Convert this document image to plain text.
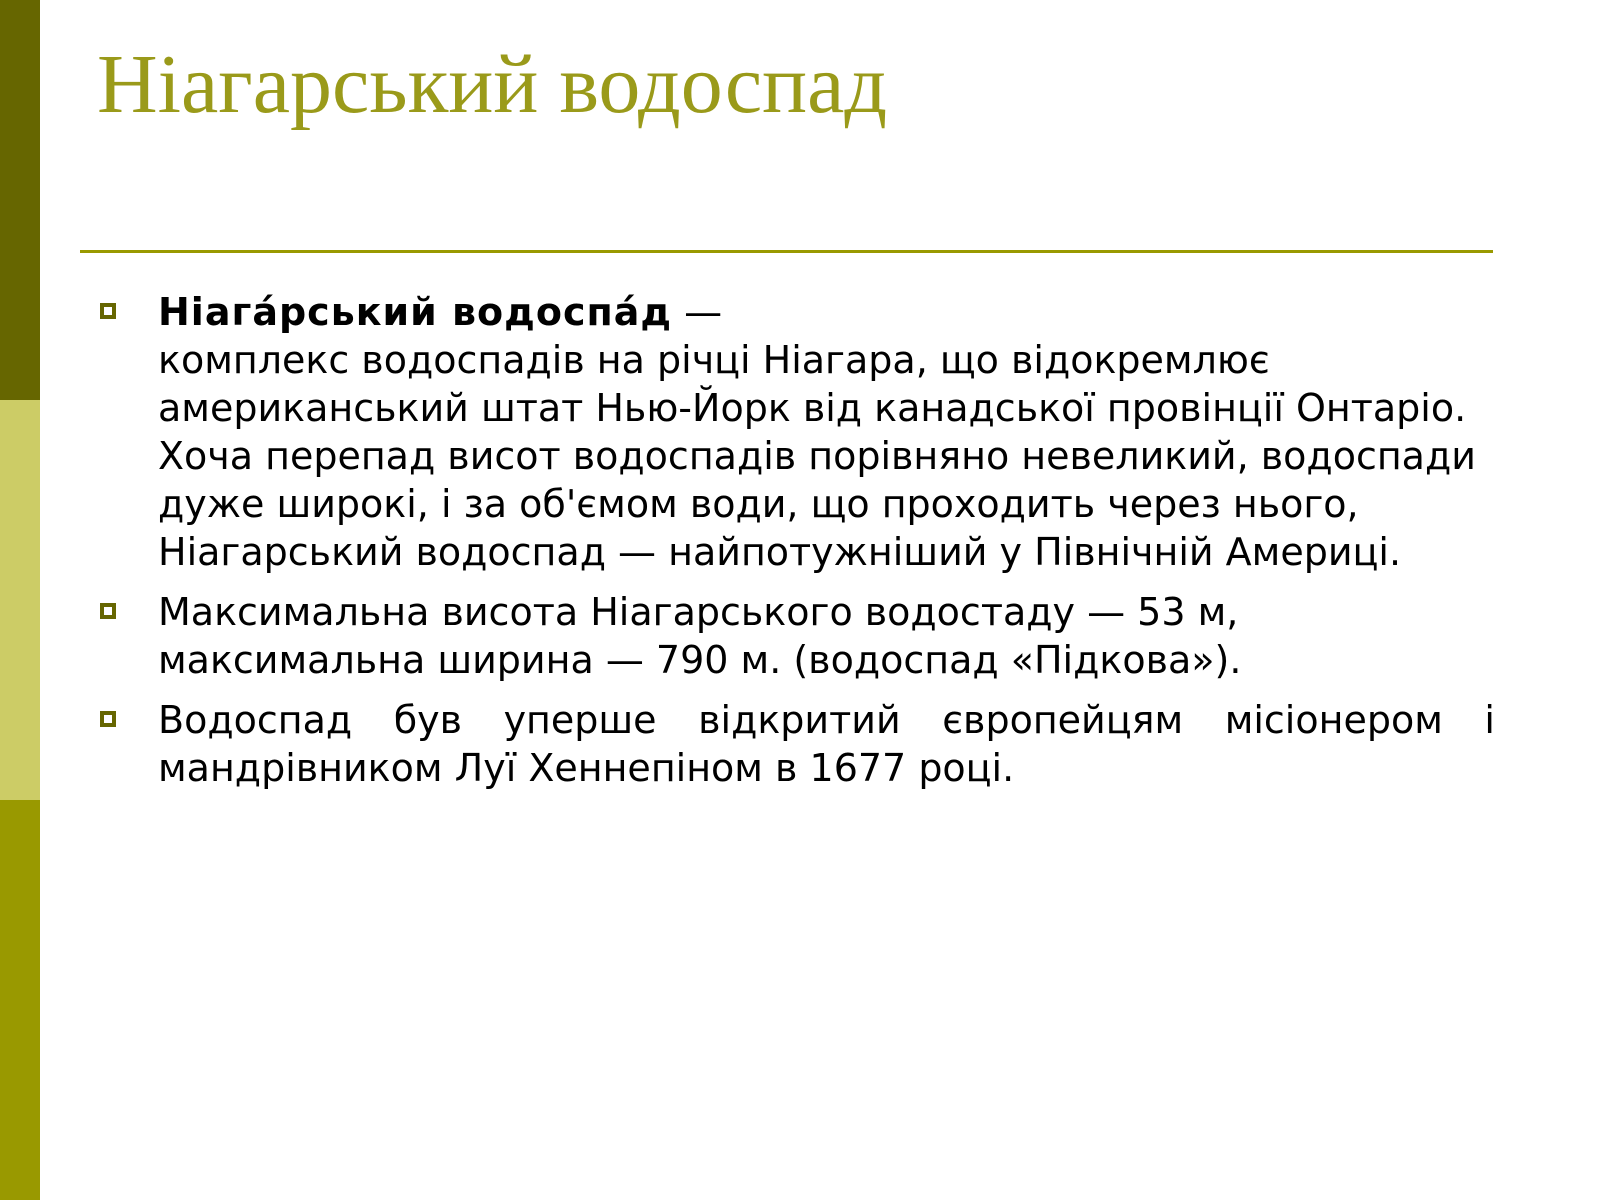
Ніагарський водоспад
Ніага́рський водоспа́д —
комплекс водоспадів на річці Ніагара, що відокремлює американський штат Нью-Йорк від канадської провінції Онтаріо. Хоча перепад висот водоспадів порівняно невеликий, водоспади дуже широкі, і за об'ємом води, що проходить через нього, Ніагарський водоспад — найпотужніший у Північній Америці.
Максимальна висота Ніагарського водостаду — 53 м, максимальна ширина — 790 м. (водоспад «Підкова»).
Водоспад був уперше відкритий європейцям місіонером і мандрівником Луї Хеннепіном в 1677 році.
